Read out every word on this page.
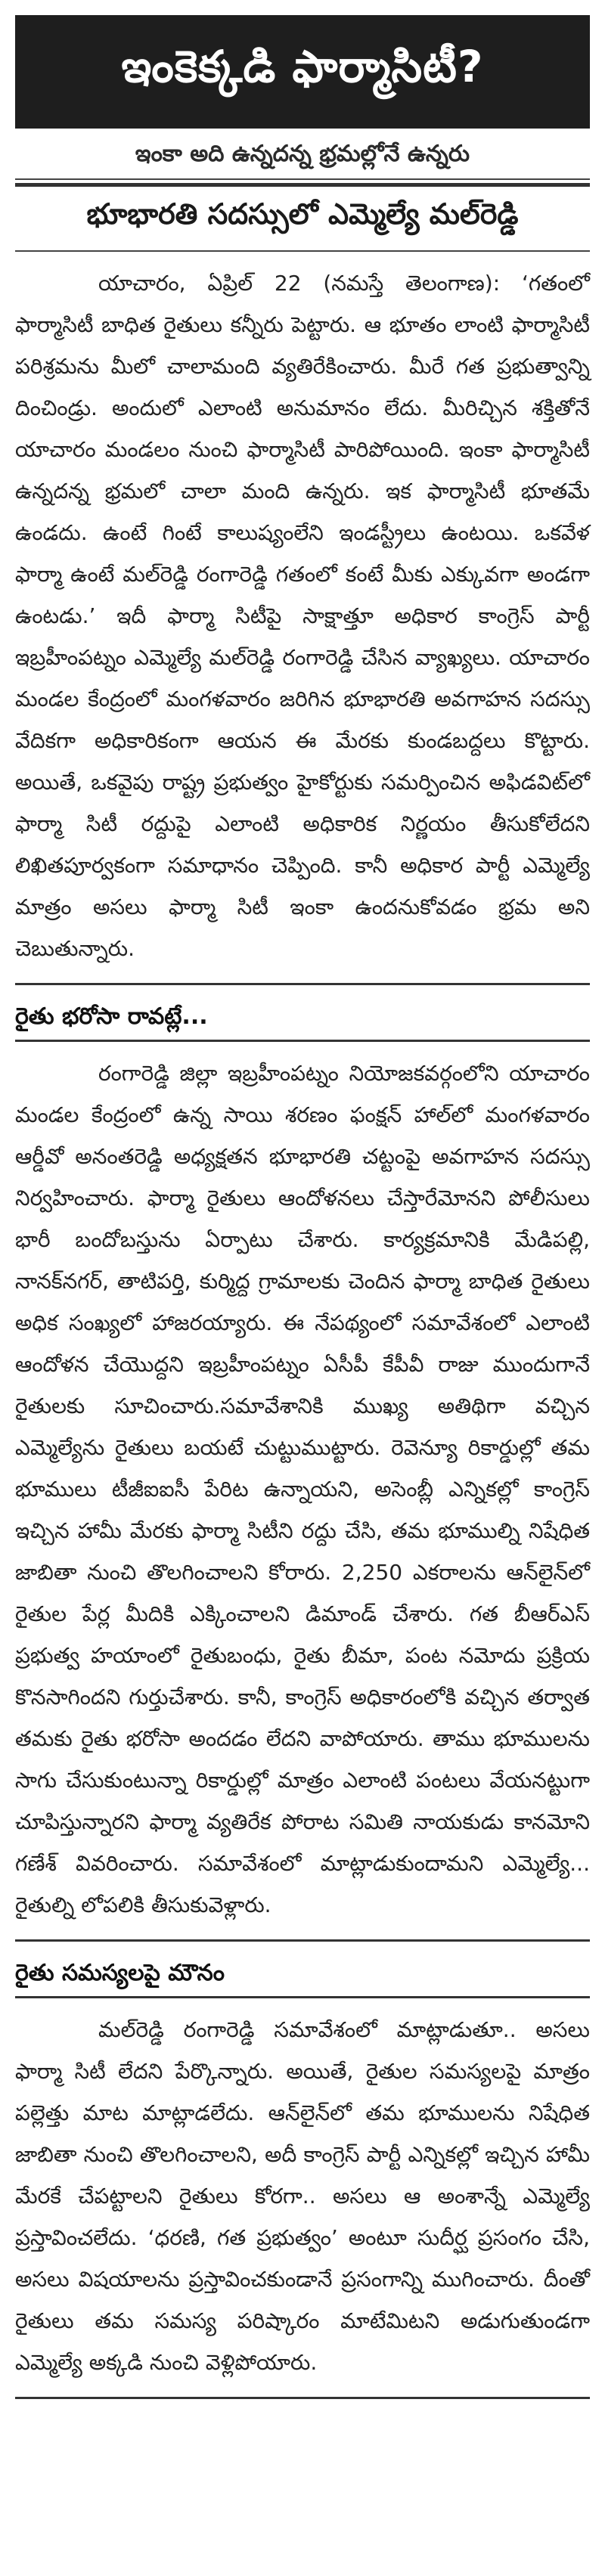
ఇంకెక్కడి ఫార్మాసిటీ?
ఇంకా అది ఉన్నదన్న భ్రమల్లోనే ఉన్నరు
భూభారతి సదస్సులో ఎమ్మెల్యే మల్‌రెడ్డి

యాచారం, ఏప్రిల్ 22 (నమస్తే తెలంగాణ): ‘గతంలో ఫార్మాసిటీ బాధిత రైతులు కన్నీరు పెట్టారు. ఆ భూతం లాంటి ఫార్మాసిటీ పరిశ్రమను మీలో చాలామంది వ్యతిరేకించారు. మీరే గత ప్రభుత్వాన్ని దించిండ్రు. అందులో ఎలాంటి అనుమానం లేదు. మీరిచ్చిన శక్తితోనే యాచారం మండలం నుంచి ఫార్మాసిటీ పారిపోయింది. ఇంకా ఫార్మాసిటీ ఉన్నదన్న భ్రమలో చాలా మంది ఉన్నరు. ఇక ఫార్మాసిటీ భూతమే ఉండదు. ఉంటే గింటే కాలుష్యంలేని ఇండస్ట్రీలు ఉంటయి. ఒకవేళ ఫార్మా ఉంటే మల్‌రెడ్డి రంగారెడ్డి గతంలో కంటే మీకు ఎక్కువగా అండగా ఉంటడు.’ ఇదీ ఫార్మా సిటీపై సాక్షాత్తూ అధికార కాంగ్రెస్ పార్టీ ఇబ్రహీంపట్నం ఎమ్మెల్యే మల్‌రెడ్డి రంగారెడ్డి చేసిన వ్యాఖ్యలు. యాచారం మండల కేంద్రంలో మంగళవారం జరిగిన భూభారతి అవగాహన సదస్సు వేదికగా అధికారికంగా ఆయన ఈ మేరకు కుండబద్దలు కొట్టారు. అయితే, ఒకవైపు రాష్ట్ర ప్రభుత్వం హైకోర్టుకు సమర్పించిన అఫిడవిట్‌లో ఫార్మా సిటీ రద్దుపై ఎలాంటి అధికారిక నిర్ణయం తీసుకోలేదని లిఖితపూర్వకంగా సమాధానం చెప్పింది. కానీ అధికార పార్టీ ఎమ్మెల్యే మాత్రం అసలు ఫార్మా సిటీ ఇంకా ఉందనుకోవడం భ్రమ అని చెబుతున్నారు.

రైతు భరోసా రావట్లే...

రంగారెడ్డి జిల్లా ఇబ్రహీంపట్నం నియోజకవర్గంలోని యాచారం మండల కేంద్రంలో ఉన్న సాయి శరణం ఫంక్షన్ హాల్‌లో మంగళవారం ఆర్డీవో అనంతరెడ్డి అధ్యక్షతన భూభారతి చట్టంపై అవగాహన సదస్సు నిర్వహించారు. ఫార్మా రైతులు ఆందోళనలు చేస్తారేమోనని పోలీసులు భారీ బందోబస్తును ఏర్పాటు చేశారు. కార్యక్రమానికి మేడిపల్లి, నానక్‌నగర్, తాటిపర్తి, కుర్మిద్ద గ్రామాలకు చెందిన ఫార్మా బాధిత రైతులు అధిక సంఖ్యలో హాజరయ్యారు. ఈ నేపథ్యంలో సమావేశంలో ఎలాంటి ఆందోళన చేయొద్దని ఇబ్రహీంపట్నం ఏసీపీ కేపీవీ రాజు ముందుగానే రైతులకు సూచించారు.సమావేశానికి ముఖ్య అతిథిగా వచ్చిన ఎమ్మెల్యేను రైతులు బయటే చుట్టుముట్టారు. రెవెన్యూ రికార్డుల్లో తమ భూములు టీజీఐఐసీ పేరిట ఉన్నాయని, అసెంబ్లీ ఎన్నికల్లో కాంగ్రెస్ ఇచ్చిన హామీ మేరకు ఫార్మా సిటీని రద్దు చేసి, తమ భూముల్ని నిషేధిత జాబితా నుంచి తొలగించాలని కోరారు. 2,250 ఎకరాలను ఆన్‌లైన్‌లో రైతుల పేర్ల మీదికి ఎక్కించాలని డిమాండ్ చేశారు. గత బీఆర్‌ఎస్ ప్రభుత్వ హయాంలో రైతుబంధు, రైతు బీమా, పంట నమోదు ప్రక్రియ కొనసాగిందని గుర్తుచేశారు. కానీ, కాంగ్రెస్ అధికారంలోకి వచ్చిన తర్వాత తమకు రైతు భరోసా అందడం లేదని వాపోయారు. తాము భూములను సాగు చేసుకుంటున్నా రికార్డుల్లో మాత్రం ఎలాంటి పంటలు వేయనట్టుగా చూపిస్తున్నారని ఫార్మా వ్యతిరేక పోరాట సమితి నాయకుడు కానమోని గణేశ్ వివరించారు. సమావేశంలో మాట్లాడుకుందామని ఎమ్మెల్యే... రైతుల్ని లోపలికి తీసుకువెళ్లారు.

రైతు సమస్యలపై మౌనం

మల్‌రెడ్డి రంగారెడ్డి సమావేశంలో మాట్లాడుతూ.. అసలు ఫార్మా సిటీ లేదని పేర్కొన్నారు. అయితే, రైతుల సమస్యలపై మాత్రం పల్లెత్తు మాట మాట్లాడలేదు. ఆన్‌లైన్‌లో తమ భూములను నిషేధిత జాబితా నుంచి తొలగించాలని, అదీ కాంగ్రెస్ పార్టీ ఎన్నికల్లో ఇచ్చిన హామీ మేరకే చేపట్టాలని రైతులు కోరగా.. అసలు ఆ అంశాన్నే ఎమ్మెల్యే ప్రస్తావించలేదు. ‘ధరణి, గత ప్రభుత్వం’ అంటూ సుదీర్ఘ ప్రసంగం చేసి, అసలు విషయాలను ప్రస్తావించకుండానే ప్రసంగాన్ని ముగించారు. దీంతో రైతులు తమ సమస్య పరిష్కారం మాటేమిటని అడుగుతుండగా ఎమ్మెల్యే అక్కడి నుంచి వెళ్లిపోయారు.
